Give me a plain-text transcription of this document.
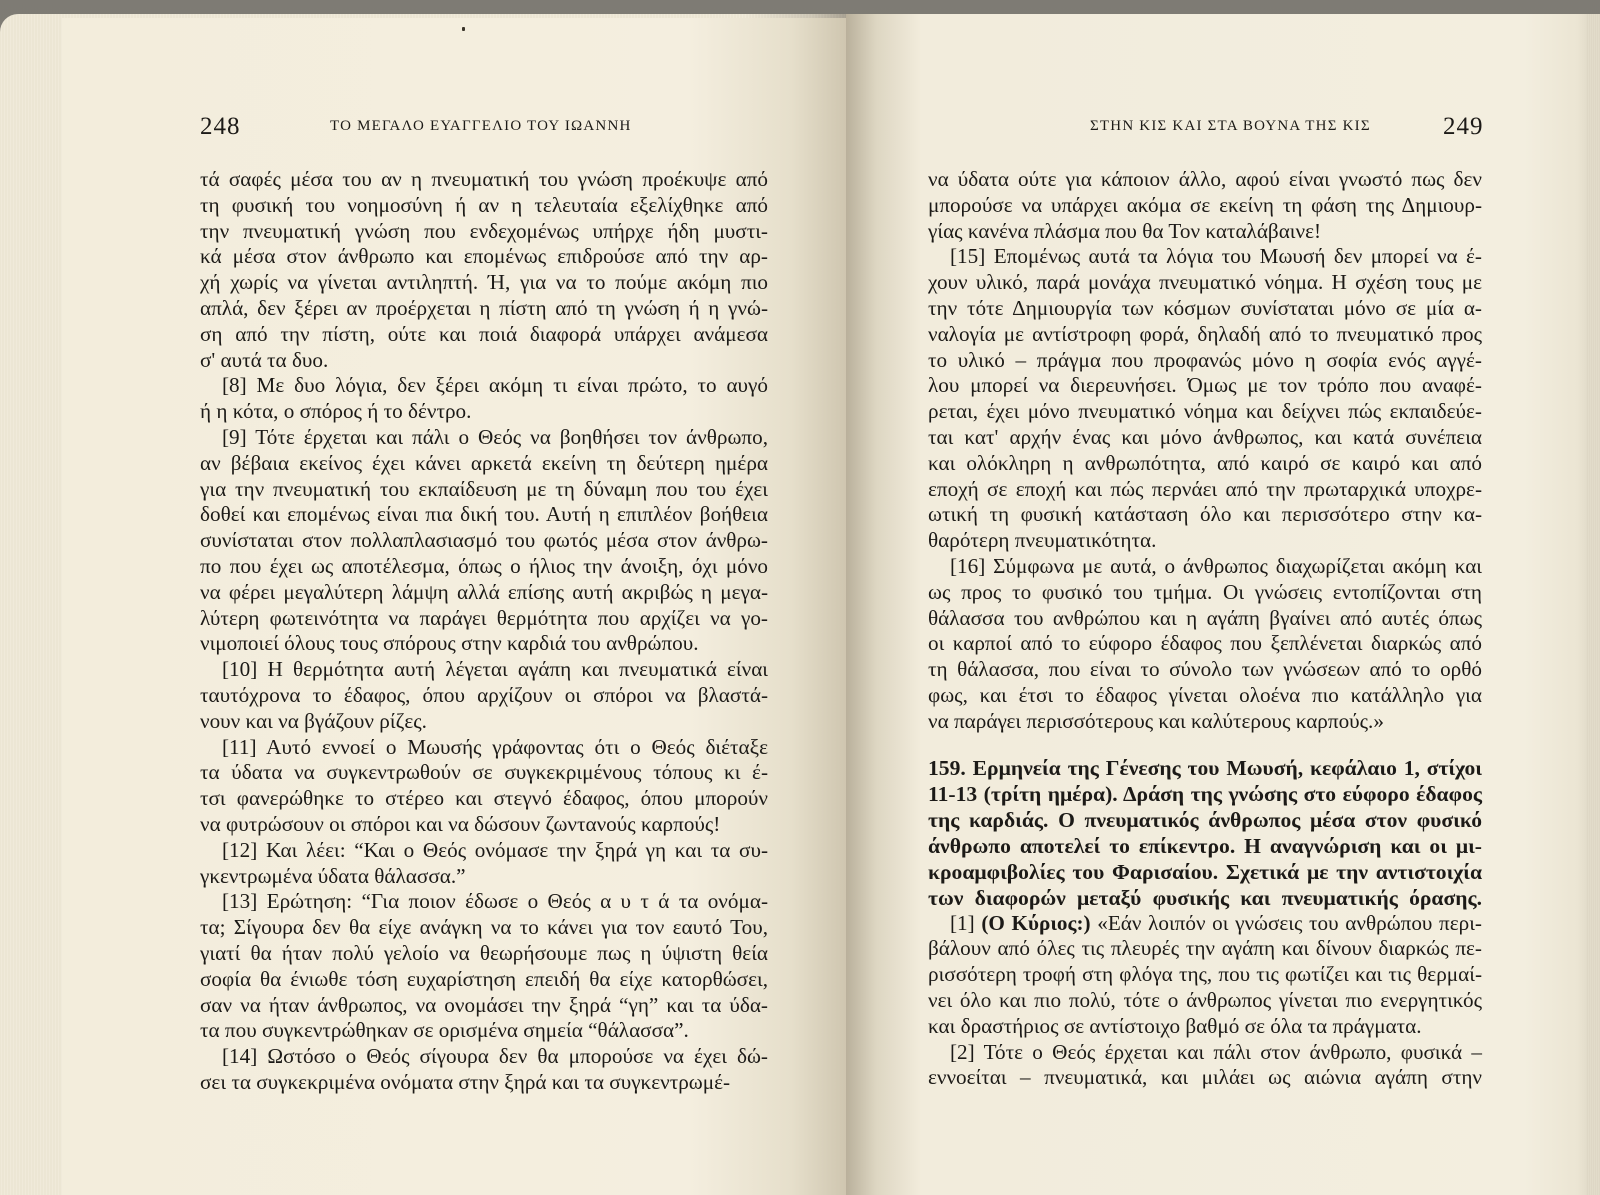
248	ΤΟ ΜΕΓΑΛΟ ΕΥΑΓΓΕΛΙΟ ΤΟΥ ΙΩΑΝΝΗ	ΣΤΗΝ ΚΙΣ ΚΑΙ ΣΤΑ ΒΟΥΝΑ ΤΗΣ ΚΙΣ	249
τά σαφές μέσα του αν η πνευματική του γνώση προέκυψε από
τη φυσική του νοημοσύνη ή αν η τελευταία εξελίχθηκε από
την πνευματική γνώση που ενδεχομένως υπήρχε ήδη μυστι-
κά μέσα στον άνθρωπο και επομένως επιδρούσε από την αρ-
χή χωρίς να γίνεται αντιληπτή. Ή, για να το πούμε ακόμη πιο
απλά, δεν ξέρει αν προέρχεται η πίστη από τη γνώση ή η γνώ-
ση από την πίστη, ούτε και ποιά διαφορά υπάρχει ανάμεσα
σ' αυτά τα δυο.
[8] Με δυο λόγια, δεν ξέρει ακόμη τι είναι πρώτο, το αυγό
ή η κότα, ο σπόρος ή το δέντρο.
[9] Τότε έρχεται και πάλι ο Θεός να βοηθήσει τον άνθρωπο,
αν βέβαια εκείνος έχει κάνει αρκετά εκείνη τη δεύτερη ημέρα
για την πνευματική του εκπαίδευση με τη δύναμη που του έχει
δοθεί και επομένως είναι πια δική του. Αυτή η επιπλέον βοήθεια
συνίσταται στον πολλαπλασιασμό του φωτός μέσα στον άνθρω-
πο που έχει ως αποτέλεσμα, όπως ο ήλιος την άνοιξη, όχι μόνο
να φέρει μεγαλύτερη λάμψη αλλά επίσης αυτή ακριβώς η μεγα-
λύτερη φωτεινότητα να παράγει θερμότητα που αρχίζει να γο-
νιμοποιεί όλους τους σπόρους στην καρδιά του ανθρώπου.
[10] Η θερμότητα αυτή λέγεται αγάπη και πνευματικά είναι
ταυτόχρονα το έδαφος, όπου αρχίζουν οι σπόροι να βλαστά-
νουν και να βγάζουν ρίζες.
[11] Αυτό εννοεί ο Μωυσής γράφοντας ότι ο Θεός διέταξε
τα ύδατα να συγκεντρωθούν σε συγκεκριμένους τόπους κι έ-
τσι φανερώθηκε το στέρεο και στεγνό έδαφος, όπου μπορούν
να φυτρώσουν οι σπόροι και να δώσουν ζωντανούς καρπούς!
[12] Και λέει: “Και ο Θεός ονόμασε την ξηρά γη και τα συ-
γκεντρωμένα ύδατα θάλασσα.”
[13] Ερώτηση: “Για ποιον έδωσε ο Θεός α υ τ ά τα ονόμα-
τα; Σίγουρα δεν θα είχε ανάγκη να το κάνει για τον εαυτό Του,
γιατί θα ήταν πολύ γελοίο να θεωρήσουμε πως η ύψιστη θεία
σοφία θα ένιωθε τόση ευχαρίστηση επειδή θα είχε κατορθώσει,
σαν να ήταν άνθρωπος, να ονομάσει την ξηρά “γη” και τα ύδα-
τα που συγκεντρώθηκαν σε ορισμένα σημεία “θάλασσα”.
[14] Ωστόσο ο Θεός σίγουρα δεν θα μπορούσε να έχει δώ-
σει τα συγκεκριμένα ονόματα στην ξηρά και τα συγκεντρωμέ-
να ύδατα ούτε για κάποιον άλλο, αφού είναι γνωστό πως δεν
μπορούσε να υπάρχει ακόμα σε εκείνη τη φάση της Δημιουρ-
γίας κανένα πλάσμα που θα Τον καταλάβαινε!
[15] Επομένως αυτά τα λόγια του Μωυσή δεν μπορεί να έ-
χουν υλικό, παρά μονάχα πνευματικό νόημα. Η σχέση τους με
την τότε Δημιουργία των κόσμων συνίσταται μόνο σε μία α-
ναλογία με αντίστροφη φορά, δηλαδή από το πνευματικό προς
το υλικό – πράγμα που προφανώς μόνο η σοφία ενός αγγέ-
λου μπορεί να διερευνήσει. Όμως με τον τρόπο που αναφέ-
ρεται, έχει μόνο πνευματικό νόημα και δείχνει πώς εκπαιδεύε-
ται κατ' αρχήν ένας και μόνο άνθρωπος, και κατά συνέπεια
και ολόκληρη η ανθρωπότητα, από καιρό σε καιρό και από
εποχή σε εποχή και πώς περνάει από την πρωταρχικά υποχρε-
ωτική τη φυσική κατάσταση όλο και περισσότερο στην κα-
θαρότερη πνευματικότητα.
[16] Σύμφωνα με αυτά, ο άνθρωπος διαχωρίζεται ακόμη και
ως προς το φυσικό του τμήμα. Οι γνώσεις εντοπίζονται στη
θάλασσα του ανθρώπου και η αγάπη βγαίνει από αυτές όπως
οι καρποί από το εύφορο έδαφος που ξεπλένεται διαρκώς από
τη θάλασσα, που είναι το σύνολο των γνώσεων από το ορθό
φως, και έτσι το έδαφος γίνεται ολοένα πιο κατάλληλο για
να παράγει περισσότερους και καλύτερους καρπούς.»
159. Ερμηνεία της Γένεσης του Μωυσή, κεφάλαιο 1, στίχοι
11-13 (τρίτη ημέρα). Δράση της γνώσης στο εύφορο έδαφος
της καρδιάς. Ο πνευματικός άνθρωπος μέσα στον φυσικό
άνθρωπο αποτελεί το επίκεντρο. Η αναγνώριση και οι μι-
κροαμφιβολίες του Φαρισαίου. Σχετικά με την αντιστοιχία
των διαφορών μεταξύ φυσικής και πνευματικής όρασης.
[1] (Ο Κύριος:) «Εάν λοιπόν οι γνώσεις του ανθρώπου περι-
βάλουν από όλες τις πλευρές την αγάπη και δίνουν διαρκώς πε-
ρισσότερη τροφή στη φλόγα της, που τις φωτίζει και τις θερμαί-
νει όλο και πιο πολύ, τότε ο άνθρωπος γίνεται πιο ενεργητικός
και δραστήριος σε αντίστοιχο βαθμό σε όλα τα πράγματα.
[2] Τότε ο Θεός έρχεται και πάλι στον άνθρωπο, φυσικά –
εννοείται – πνευματικά, και μιλάει ως αιώνια αγάπη στην
